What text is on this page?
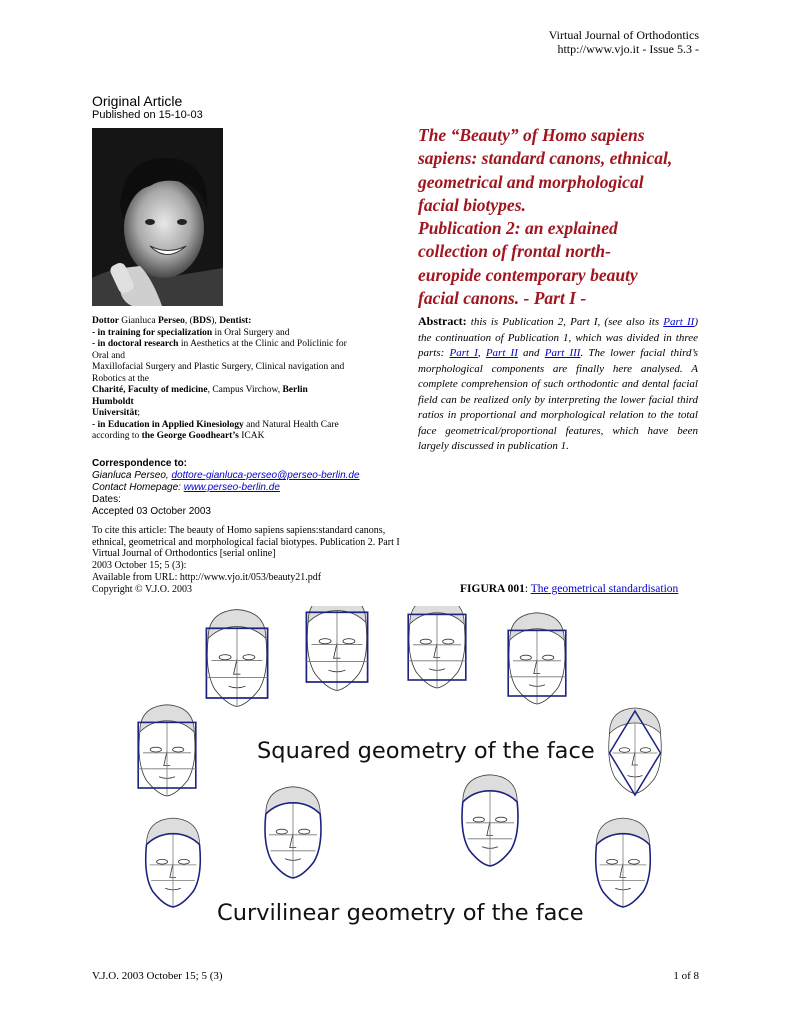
Virtual Journal of Orthodontics
http://www.vjo.it - Issue 5.3 -
Original Article
Published on 15-10-03
The “Beauty” of Homo sapiens
sapiens: standard canons, ethnical,
geometrical and morphological
facial biotypes.
Publication 2: an explained
collection of frontal north-
europide contemporary beauty
facial canons. - Part I -

Dottor Gianluca Perseo, (BDS), Dentist:

- in training for specialization in Oral Surgery and

- in doctoral research in Aesthetics at the Clinic and Policlinic for

Oral and

Maxillofacial Surgery and Plastic Surgery, Clinical navigation and

Robotics at the

Charité, Faculty of medicine, Campus Virchow, Berlin

Humboldt

Universität;

- in Education in Applied Kinesiology and Natural Health Care

according to the George Goodheart’s ICAK

Correspondence to:
Gianluca Perseo, dottore-gianluca-perseo@perseo-berlin.de
Contact Homepage: www.perseo-berlin.de
Dates:
Accepted 03 October 2003
To cite this article: The beauty of Homo sapiens sapiens:standard canons,
ethnical, geometrical and morphological facial biotypes. Publication 2. Part I
Virtual Journal of Orthodontics [serial online]
2003 October 15; 5 (3):
Available from URL: http://www.vjo.it/053/beauty21.pdf
Copyright © V.J.O. 2003
Abstract: this is Publication 2, Part I, (see also its Part II) the continuation of Publication 1, which was divided in three parts: Part I, Part II and Part III. The lower facial third’s morphological components are finally here analysed. A complete comprehension of such orthodontic and dental facial field can be realized only by interpreting the lower facial third ratios in proportional and morphological relation to the total face geometrical/proportional features, which have been largely discussed in publication 1.
FIGURA 001: The geometrical standardisation
Squared geometry of the face
Curvilinear geometry of the face
V.J.O. 2003 October 15; 5 (3)	1 of 8
